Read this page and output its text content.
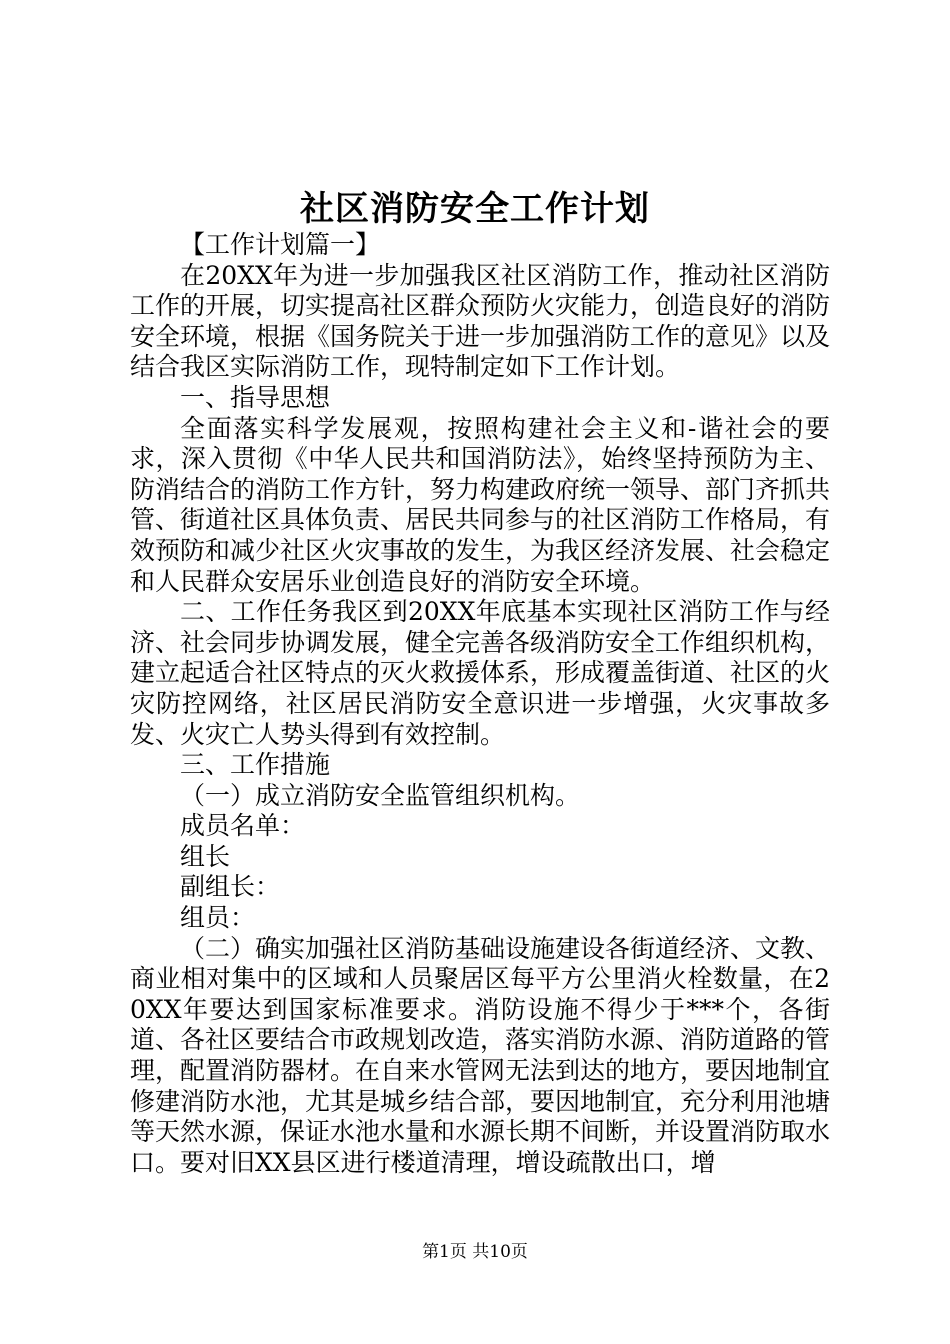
社区消防安全工作计划

【工作计划篇一】

在20XX年为进一步加强我区社区消防工作，推动社区消防工作的开展，切实提高社区群众预防火灾能力，创造良好的消防安全环境，根据《国务院关于进一步加强消防工作的意见》以及结合我区实际消防工作，现特制定如下工作计划。

一、指导思想

全面落实科学发展观，按照构建社会主义和-谐社会的要求，深入贯彻《中华人民共和国消防法》，始终坚持预防为主、防消结合的消防工作方针，努力构建政府统一领导、部门齐抓共管、街道社区具体负责、居民共同参与的社区消防工作格局，有效预防和减少社区火灾事故的发生，为我区经济发展、社会稳定和人民群众安居乐业创造良好的消防安全环境。

二、工作任务我区到20XX年底基本实现社区消防工作与经济、社会同步协调发展，健全完善各级消防安全工作组织机构，建立起适合社区特点的灭火救援体系，形成覆盖街道、社区的火灾防控网络，社区居民消防安全意识进一步增强，火灾事故多发、火灾亡人势头得到有效控制。

三、工作措施

（一）成立消防安全监管组织机构。

成员名单：

组长

副组长：

组员：

（二）确实加强社区消防基础设施建设各街道经济、文教、商业相对集中的区域和人员聚居区每平方公里消火栓数量，在20XX年要达到国家标准要求。消防设施不得少于***个，各街道、各社区要结合市政规划改造，落实消防水源、消防道路的管理，配置消防器材。在自来水管网无法到达的地方，要因地制宜修建消防水池，尤其是城乡结合部，要因地制宜，充分利用池塘等天然水源，保证水池水量和水源长期不间断，并设置消防取水口。要对旧XX县区进行楼道清理，增设疏散出口，增

第1页 共10页
